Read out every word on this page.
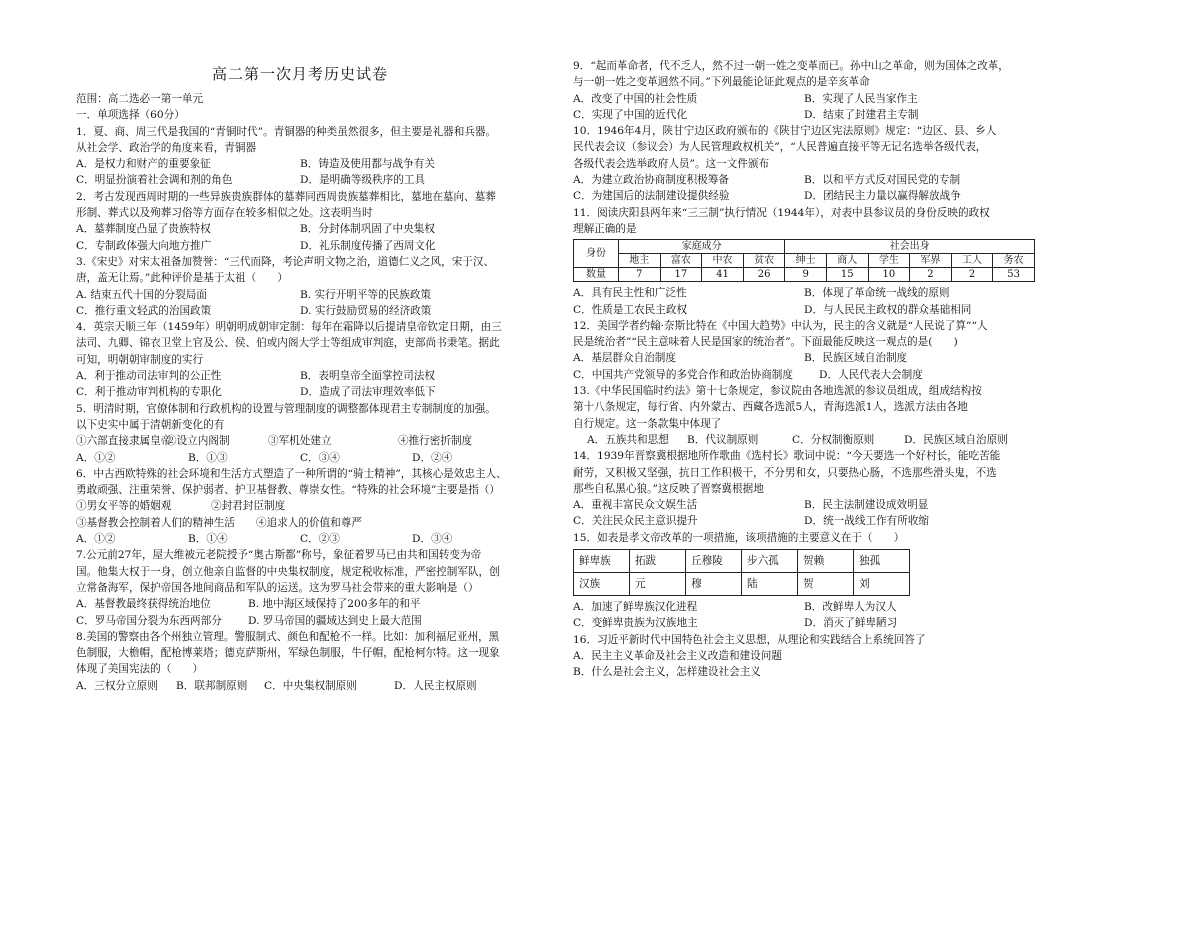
高二第一次月考历史试卷

范围：高二选必一第一单元

一．单项选择（60分）

1．夏、商、周三代是我国的“青铜时代”。青铜器的种类虽然很多，但主要是礼器和兵器。

从社会学、政治学的角度来看，青铜器

A．是权力和财产的重要象征	B．铸造及使用都与战争有关
C．明显扮演着社会调和剂的角色	D．是明确等级秩序的工具

2．考古发现西周时期的一些异族贵族群体的墓葬同西周贵族墓葬相比，墓地在墓向、墓葬

形制、葬式以及殉葬习俗等方面存在较多相似之处。这表明当时

A．墓葬制度凸显了贵族特权	B．分封体制巩固了中央集权
C．专制政体强大向地方推广	D．礼乐制度传播了西周文化

3.《宋史》对宋太祖备加赞誉：“三代而降，考论声明文物之治，道德仁义之风，宋于汉、

唐，盖无让焉。”此种评价是基于太祖（　　）

A. 结束五代十国的分裂局面	B. 实行开明平等的民族政策
C．推行重文轻武的治国政策	D. 实行鼓励贸易的经济政策

4．英宗天顺三年（1459年）明朝明成朝审定制：每年在霜降以后提请皇帝钦定日期，由三

法司、九卿、锦衣卫堂上官及公、侯、伯或内阁大学士等组成审判庭，吏部尚书秉笔。据此

可知，明朝朝审制度的实行

A．利于推动司法审判的公正性	B．表明皇帝全面掌控司法权
C．利于推动审判机构的专职化	D．造成了司法审理效率低下

5．明清时期，官僚体制和行政机构的设置与管理制度的调整都体现君主专制制度的加强。

以下史实中属于清朝新变化的有

①六部直接隶属皇帝
②设立内阁制	③军机处建立	④推行密折制度
A．①②	B．①③	C．③④	D．②④

6．中古西欧特殊的社会环境和生活方式塑造了一种所谓的“骑士精神”，其核心是效忠主人、

勇敢顽强、注重荣誉、保护弱者、护卫基督教、尊崇女性。“特殊的社会环境”主要是指（）

①男女平等的婚姻观	②封君封臣制度
③基督教会控制着人们的精神生活	④追求人的价值和尊严
A．①②	B．①④	C．②③	D．③④

7.公元前27年，屋大维被元老院授予“奥古斯都”称号，象征着罗马已由共和国转变为帝

国。他集大权于一身，创立他亲自监督的中央集权制度，规定税收标准，严密控制军队，创

立常备海军，保护帝国各地间商品和军队的运送。这为罗马社会带来的重大影响是（）

A．基督教最终获得统治地位	B. 地中海区域保持了200多年的和平
C．罗马帝国分裂为东西两部分	D. 罗马帝国的疆域达到史上最大范围

8.美国的警察由各个州独立管理。警服制式、颜色和配枪不一样。比如：加利福尼亚州，黑

色制服，大檐帽，配枪博莱塔；德克萨斯州，军绿色制服，牛仔帽，配枪柯尔特。这一现象

体现了美国宪法的（　　）

A．三权分立原则	B．联邦制原则	C．中央集权制原则	D．人民主权原则

9．“起而革命者，代不乏人，然不过一朝一姓之变革而已。孙中山之革命，则为国体之改革，

与一朝一姓之变革迥然不同。”下列最能论证此观点的是辛亥革命

A．改变了中国的社会性质	B．实现了人民当家作主
C．实现了中国的近代化	D．结束了封建君主专制

10．1946年4月，陕甘宁边区政府颁布的《陕甘宁边区宪法原则》规定：“边区、县、乡人

民代表会议（参议会）为人民管理政权机关”，“人民普遍直接平等无记名选举各级代表，

各级代表会选举政府人员”。这一文件颁布

A．为建立政治协商制度积极筹备	B．以和平方式反对国民党的专制
C．为建国后的法制建设提供经验	D．团结民主力量以赢得解放战争

11．阅读庆阳县两年来“三三制”执行情况（1944年），对表中县参议员的身份反映的政权

理解正确的是

身份	家庭成分				社会出身					
	地主	富农	中农	贫农	绅士	商人	学生	军界	工人	务农
数量	7	17	41	26	9	15	10	2	2	53
A．具有民主性和广泛性	B．体现了革命统一战线的原则
C．性质是工农民主政权	D．与人民民主政权的群众基础相同

12．美国学者约翰·奈斯比特在《中国大趋势》中认为，民主的含义就是“人民说了算”“人

民是统治者”“民主意味着人民是国家的统治者”。下面最能反映这一观点的是(　　)

A．基层群众自治制度	B．民族区域自治制度
C．中国共产党领导的多党合作和政治协商制度	D．人民代表大会制度

13.《中华民国临时约法》第十七条规定，参议院由各地选派的参议员组成，组成结构按

第十八条规定，每行省、内外蒙古、西藏各选派5人，青海选派1人，选派方法由各地

自行规定。这一条款集中体现了

A．五族共和思想	B．代议制原则	C．分权制衡原则	D．民族区域自治原则

14．1939年晋察冀根据地所作歌曲《选村长》歌词中说：“今天要选一个好村长，能吃苦能

耐劳，又积极又坚强，抗日工作积极干，不分男和女，只要热心肠，不选那些滑头鬼，不选

那些自私黑心狼。”这反映了晋察冀根据地

A．重视丰富民众文娱生活	B．民主法制建设成效明显
C．关注民众民主意识提升	D．统一战线工作有所收缩

15．如表是孝文帝改革的一项措施，该项措施的主要意义在于（　　）

鲜卑族	拓跋	丘穆陵	步六孤	贺赖	独孤
汉族	元	穆	陆	贺	刘
A．加速了鲜卑族汉化进程	B．改鲜卑人为汉人
C．变鲜卑贵族为汉族地主	D．消灭了鲜卑陋习

16．习近平新时代中国特色社会主义思想，从理论和实践结合上系统回答了

A．民主主义革命及社会主义改造和建设问题

B．什么是社会主义，怎样建设社会主义
